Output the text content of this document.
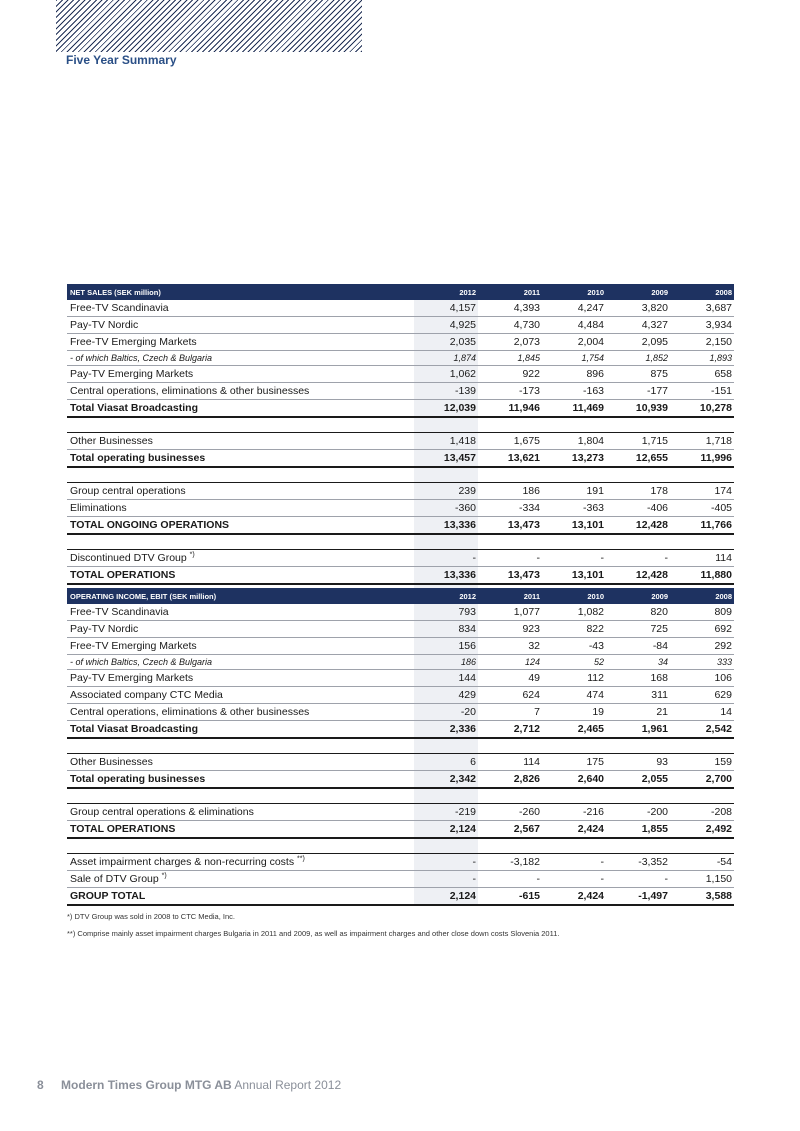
Five Year Summary
NET SALES (SEK million)	2012	2011	2010	2009	2008
Free-TV Scandinavia	4,157	4,393	4,247	3,820	3,687
Pay-TV Nordic	4,925	4,730	4,484	4,327	3,934
Free-TV Emerging Markets	2,035	2,073	2,004	2,095	2,150
- of which Baltics, Czech & Bulgaria	1,874	1,845	1,754	1,852	1,893
Pay-TV Emerging Markets	1,062	922	896	875	658
Central operations, eliminations & other businesses	-139	-173	-163	-177	-151
Total Viasat Broadcasting	12,039	11,946	11,469	10,939	10,278

Other Businesses	1,418	1,675	1,804	1,715	1,718
Total operating businesses	13,457	13,621	13,273	12,655	11,996

Group central operations	239	186	191	178	174
Eliminations	-360	-334	-363	-406	-405
TOTAL ONGOING OPERATIONS	13,336	13,473	13,101	12,428	11,766

Discontinued DTV Group *)	-	-	-	-	114
TOTAL OPERATIONS	13,336	13,473	13,101	12,428	11,880

OPERATING INCOME, EBIT (SEK million)	2012	2011	2010	2009	2008
Free-TV Scandinavia	793	1,077	1,082	820	809
Pay-TV Nordic	834	923	822	725	692
Free-TV Emerging Markets	156	32	-43	-84	292
- of which Baltics, Czech & Bulgaria	186	124	52	34	333
Pay-TV Emerging Markets	144	49	112	168	106
Associated company CTC Media	429	624	474	311	629
Central operations, eliminations & other businesses	-20	7	19	21	14
Total Viasat Broadcasting	2,336	2,712	2,465	1,961	2,542

Other Businesses	6	114	175	93	159
Total operating businesses	2,342	2,826	2,640	2,055	2,700

Group central operations & eliminations	-219	-260	-216	-200	-208
TOTAL OPERATIONS	2,124	2,567	2,424	1,855	2,492

Asset impairment charges & non-recurring costs **)	-	-3,182	-	-3,352	-54
Sale of DTV Group *)	-	-	-	-	1,150
GROUP TOTAL	2,124	-615	2,424	-1,497	3,588
*) DTV Group was sold in 2008 to CTC Media, Inc.
**) Comprise mainly asset impairment charges Bulgaria in 2011 and 2009, as well as impairment charges and other close down costs Slovenia 2011.
8 Modern Times Group MTG AB Annual Report 2012
